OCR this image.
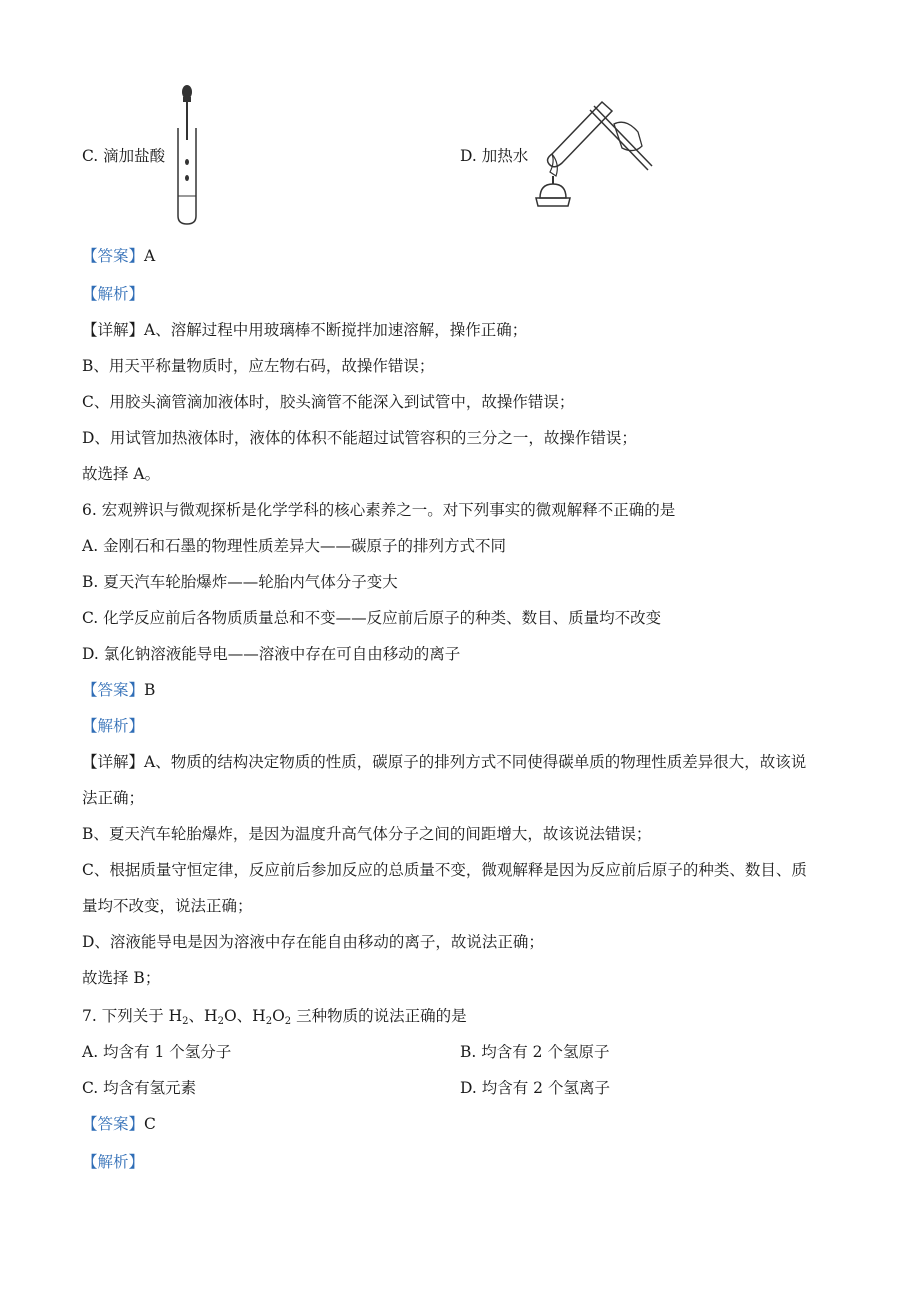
C. 滴加盐酸	D. 加热水
【答案】A
【解析】
【详解】A、溶解过程中用玻璃棒不断搅拌加速溶解，操作正确；
B、用天平称量物质时，应左物右码，故操作错误；
C、用胶头滴管滴加液体时，胶头滴管不能深入到试管中，故操作错误；
D、用试管加热液体时，液体的体积不能超过试管容积的三分之一，故操作错误；
故选择 A。
6. 宏观辨识与微观探析是化学学科的核心素养之一。对下列事实的微观解释不正确的是
A. 金刚石和石墨的物理性质差异大——碳原子的排列方式不同
B. 夏天汽车轮胎爆炸——轮胎内气体分子变大
C. 化学反应前后各物质质量总和不变——反应前后原子的种类、数目、质量均不改变
D. 氯化钠溶液能导电——溶液中存在可自由移动的离子
【答案】B
【解析】
【详解】A、物质的结构决定物质的性质，碳原子的排列方式不同使得碳单质的物理性质差异很大，故该说
法正确；
B、夏天汽车轮胎爆炸，是因为温度升高气体分子之间的间距增大，故该说法错误；
C、根据质量守恒定律，反应前后参加反应的总质量不变，微观解释是因为反应前后原子的种类、数目、质
量均不改变，说法正确；
D、溶液能导电是因为溶液中存在能自由移动的离子，故说法正确；
故选择 B；
7. 下列关于 $H_2$、$H_2O$、$H_2O_2$ 三种物质的说法正确的是
A. 均含有 1 个氢分子	B. 均含有 2 个氢原子
C. 均含有氢元素	D. 均含有 2 个氢离子
【答案】C
【解析】
